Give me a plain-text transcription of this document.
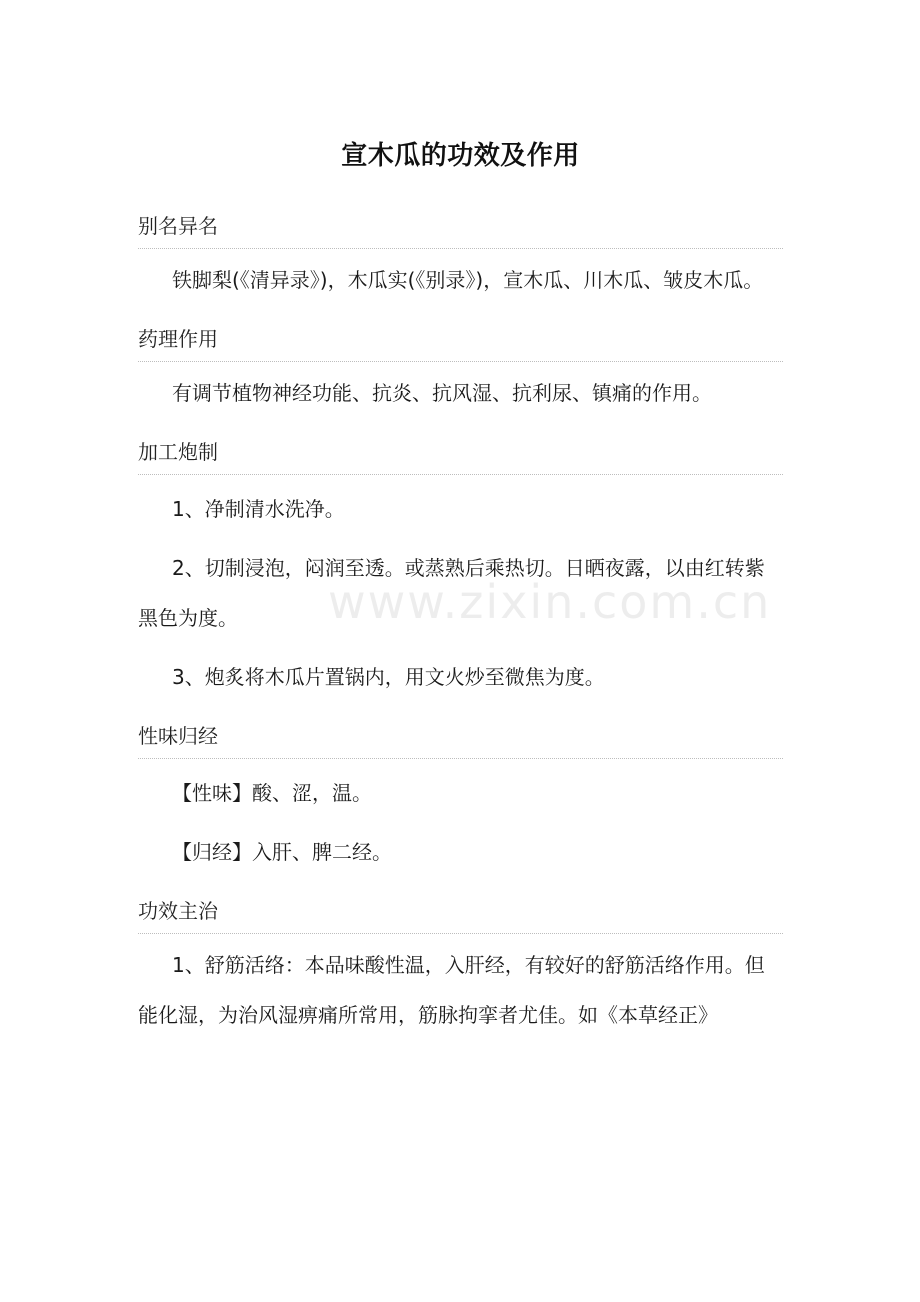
www.zixin.com.cn
宣木瓜的功效及作用
别名异名

铁脚梨(《清异录》)，木瓜实(《别录》)，宣木瓜、川木瓜、皱皮木瓜。

药理作用

有调节植物神经功能、抗炎、抗风湿、抗利尿、镇痛的作用。

加工炮制

1、净制清水洗净。

2、切制浸泡，闷润至透。或蒸熟后乘热切。日晒夜露，以由红转紫黑色为度。

3、炮炙将木瓜片置锅内，用文火炒至微焦为度。

性味归经

【性味】酸、涩，温。

【归经】入肝、脾二经。

功效主治

1、舒筋活络：本品味酸性温，入肝经，有较好的舒筋活络作用。但能化湿，为治风湿痹痛所常用，筋脉拘挛者尤佳。如《本草经正》
